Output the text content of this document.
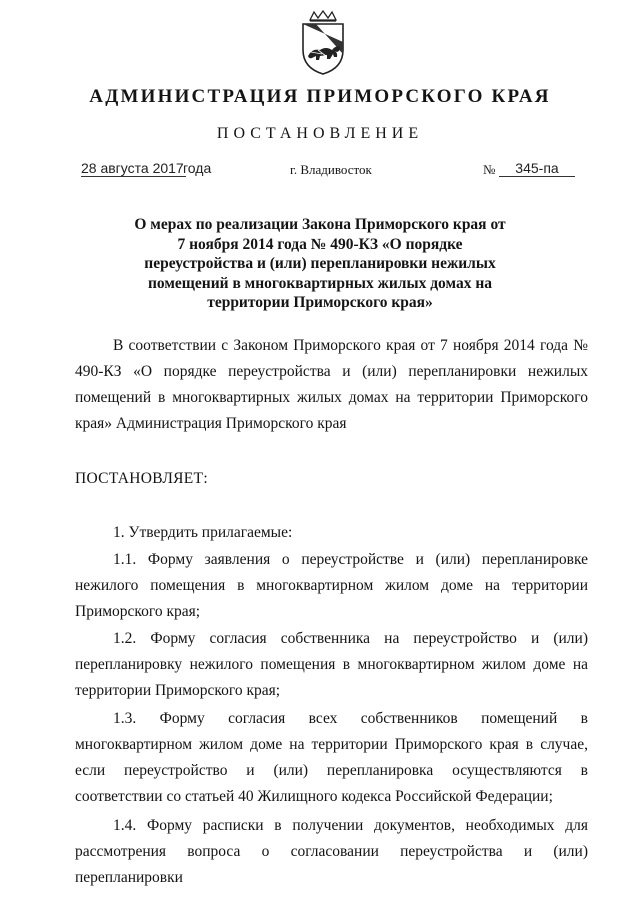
АДМИНИСТРАЦИЯ ПРИМОРСКОГО КРАЯ
ПОСТАНОВЛЕНИЕ
28 августа 2017 года	г. Владивосток	№	345-па
О мерах по реализации Закона Приморского края от 7 ноября 2014 года № 490-КЗ «О порядке переустройства и (или) перепланировки нежилых помещений в многоквартирных жилых домах на территории Приморского края»
В соответствии с Законом Приморского края от 7 ноября 2014 года № 490-КЗ «О порядке переустройства и (или) перепланировки нежилых помещений в многоквартирных жилых домах на территории Приморского края» Администрация Приморского края
ПОСТАНОВЛЯЕТ:
1. Утвердить прилагаемые:
1.1. Форму заявления о переустройстве и (или) перепланировке нежилого помещения в многоквартирном жилом доме на территории Приморского края;
1.2. Форму согласия собственника на переустройство и (или) перепланировку нежилого помещения в многоквартирном жилом доме на территории Приморского края;
1.3. Форму согласия всех собственников помещений в многоквартирном жилом доме на территории Приморского края в случае, если переустройство и (или) перепланировка осуществляются в соответствии со статьей 40 Жилищного кодекса Российской Федерации;
1.4. Форму расписки в получении документов, необходимых для рассмотрения вопроса о согласовании переустройства и (или) перепланировки
